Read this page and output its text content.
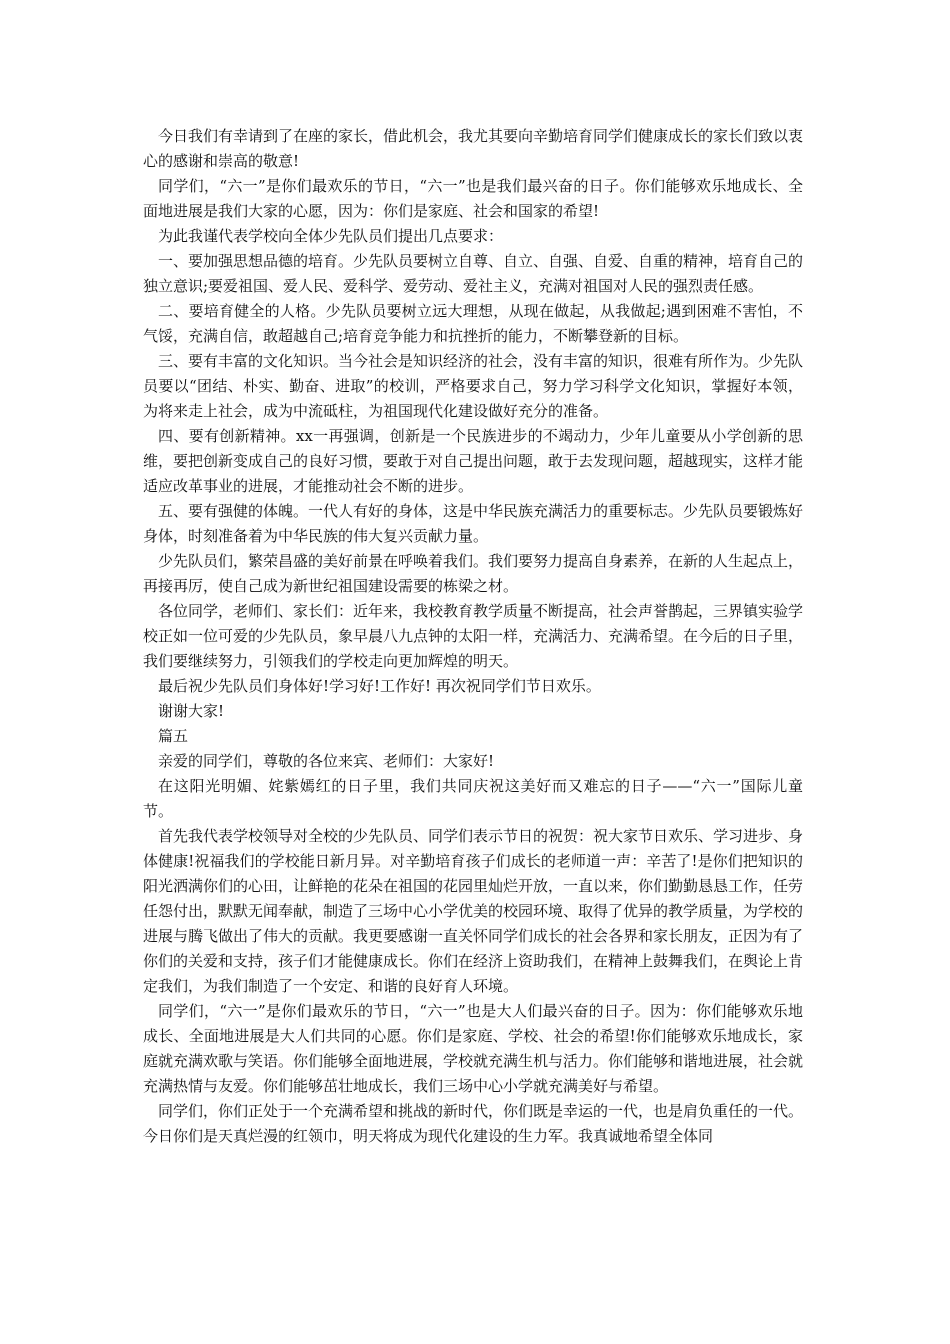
今日我们有幸请到了在座的家长，借此机会，我尤其要向辛勤培育同学们健康成长的家长们致以衷心的感谢和崇高的敬意!

同学们，“六一”是你们最欢乐的节日，“六一”也是我们最兴奋的日子。你们能够欢乐地成长、全面地进展是我们大家的心愿，因为：你们是家庭、社会和国家的希望!

为此我谨代表学校向全体少先队员们提出几点要求：

一、要加强思想品德的培育。少先队员要树立自尊、自立、自强、自爱、自重的精神，培育自己的独立意识;要爱祖国、爱人民、爱科学、爱劳动、爱社主义，充满对祖国对人民的强烈责任感。

二、要培育健全的人格。少先队员要树立远大理想，从现在做起，从我做起;遇到困难不害怕，不气馁，充满自信，敢超越自己;培育竞争能力和抗挫折的能力，不断攀登新的目标。

三、要有丰富的文化知识。当今社会是知识经济的社会，没有丰富的知识，很难有所作为。少先队员要以“团结、朴实、勤奋、进取”的校训，严格要求自己，努力学习科学文化知识，掌握好本领，为将来走上社会，成为中流砥柱，为祖国现代化建设做好充分的准备。

四、要有创新精神。xx一再强调，创新是一个民族进步的不竭动力，少年儿童要从小学创新的思维，要把创新变成自己的良好习惯，要敢于对自己提出问题，敢于去发现问题，超越现实，这样才能适应改革事业的进展，才能推动社会不断的进步。

五、要有强健的体魄。一代人有好的身体，这是中华民族充满活力的重要标志。少先队员要锻炼好身体，时刻准备着为中华民族的伟大复兴贡献力量。

少先队员们，繁荣昌盛的美好前景在呼唤着我们。我们要努力提高自身素养，在新的人生起点上，再接再厉，使自己成为新世纪祖国建设需要的栋梁之材。

各位同学，老师们、家长们：近年来，我校教育教学质量不断提高，社会声誉鹊起，三界镇实验学校正如一位可爱的少先队员，象早晨八九点钟的太阳一样，充满活力、充满希望。在今后的日子里，我们要继续努力，引领我们的学校走向更加辉煌的明天。

最后祝少先队员们身体好!学习好!工作好! 再次祝同学们节日欢乐。

谢谢大家!

篇五

亲爱的同学们，尊敬的各位来宾、老师们：大家好!

在这阳光明媚、姹紫嫣红的日子里，我们共同庆祝这美好而又难忘的日子——“六一”国际儿童节。

首先我代表学校领导对全校的少先队员、同学们表示节日的祝贺：祝大家节日欢乐、学习进步、身体健康!祝福我们的学校能日新月异。对辛勤培育孩子们成长的老师道一声：辛苦了!是你们把知识的阳光洒满你们的心田，让鲜艳的花朵在祖国的花园里灿烂开放，一直以来，你们勤勤恳恳工作，任劳任怨付出，默默无闻奉献，制造了三场中心小学优美的校园环境、取得了优异的教学质量，为学校的进展与腾飞做出了伟大的贡献。我更要感谢一直关怀同学们成长的社会各界和家长朋友，正因为有了你们的关爱和支持，孩子们才能健康成长。你们在经济上资助我们，在精神上鼓舞我们，在舆论上肯定我们，为我们制造了一个安定、和谐的良好育人环境。

同学们，“六一”是你们最欢乐的节日，“六一”也是大人们最兴奋的日子。因为：你们能够欢乐地成长、全面地进展是大人们共同的心愿。你们是家庭、学校、社会的希望!你们能够欢乐地成长，家庭就充满欢歌与笑语。你们能够全面地进展，学校就充满生机与活力。你们能够和谐地进展，社会就充满热情与友爱。你们能够茁壮地成长，我们三场中心小学就充满美好与希望。

同学们，你们正处于一个充满希望和挑战的新时代，你们既是幸运的一代，也是肩负重任的一代。今日你们是天真烂漫的红领巾，明天将成为现代化建设的生力军。我真诚地希望全体同
